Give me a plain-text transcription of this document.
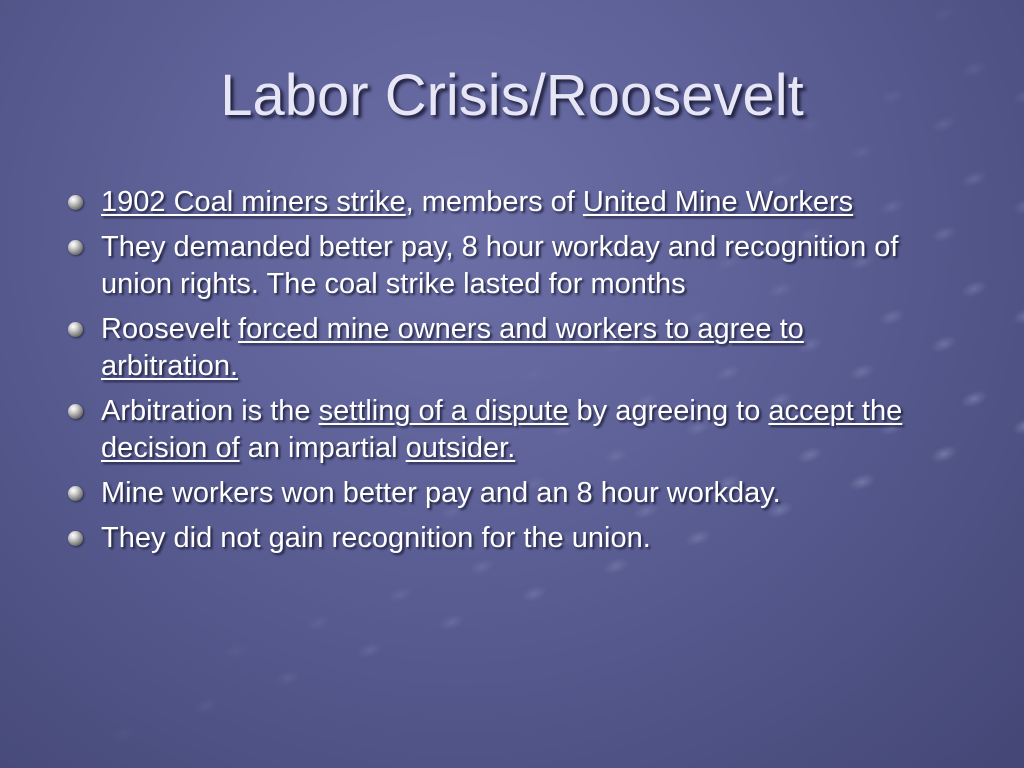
Labor Crisis/Roosevelt
1902 Coal miners strike, members of United Mine Workers
They demanded better pay, 8 hour workday and recognition of union rights. The coal strike lasted for months
Roosevelt forced mine owners and workers to agree to arbitration.
Arbitration is the settling of a dispute by agreeing to accept the decision of an impartial outsider.
Mine workers won better pay and an 8 hour workday.
They did not gain recognition for the union.
